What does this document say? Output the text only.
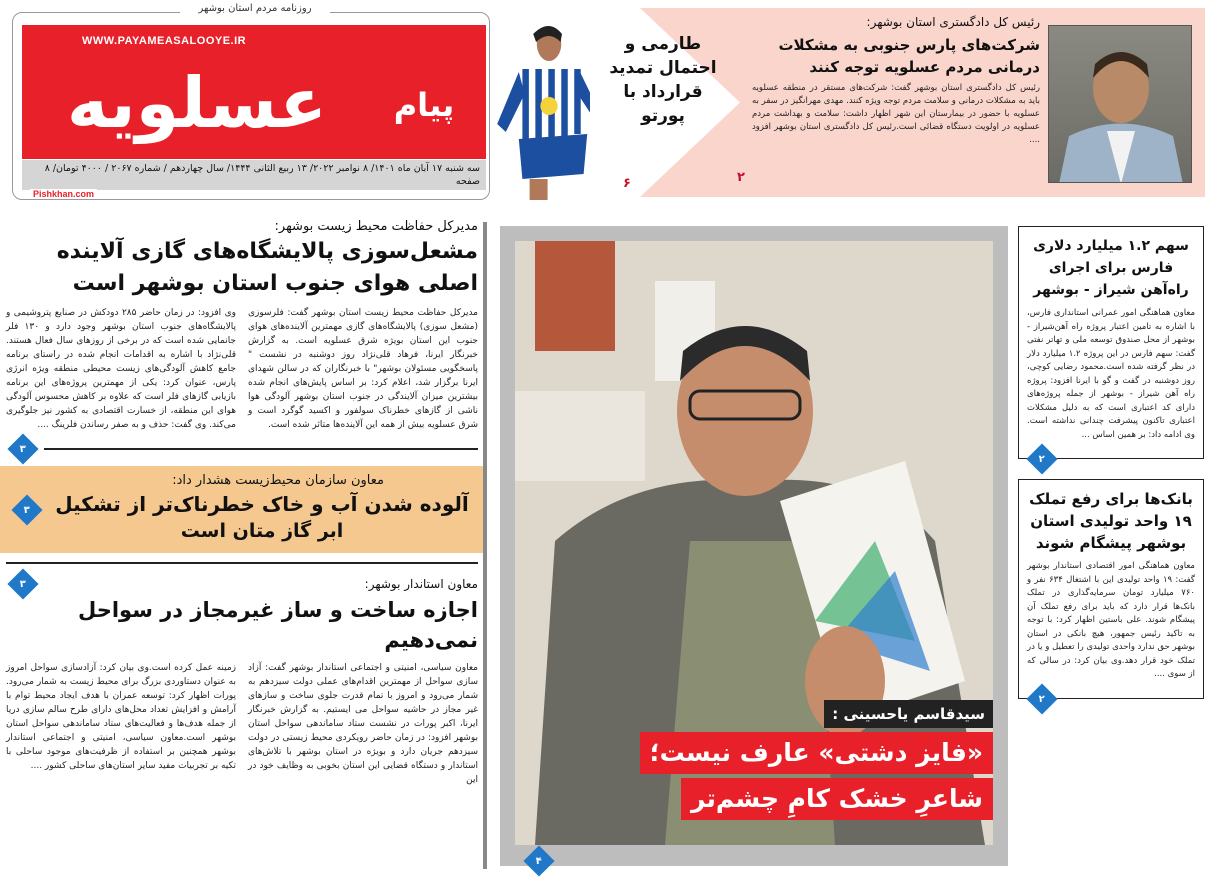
روزنامه مردم استان بوشهر
WWW.PAYAMEASALOOYE.IR
عسلویه	پیام
سه شنبه ۱۷ آبان ماه ۱۴۰۱/ ۸ نوامبر ۲۰۲۲/ ۱۳ ربیع الثانی ۱۴۴۴/ سال چهاردهم / شماره ۲۰۶۷ / ۴۰۰۰ تومان/ ۸ صفحه
Pishkhan.com
طارمی و احتمال تمدید قرارداد با پورتو
۶	۲
رئیس کل دادگستری استان بوشهر:
شرکت‌های پارس جنوبی به مشکلات درمانی مردم عسلویه توجه کنند
رئیس کل دادگستری استان بوشهر گفت: شرکت‌های مستقر در منطقه عسلویه باید به مشکلات درمانی و سلامت مردم توجه ویژه کنند. مهدی مهرانگیز در سفر به عسلویه با حضور در بیمارستان این شهر اظهار داشت: سلامت و بهداشت مردم عسلویه در اولویت دستگاه قضائی است.رئیس کل دادگستری استان بوشهر افزود ....
مدیرکل حفاظت محیط زیست بوشهر:
مشعل‌سوزی پالایشگاه‌های گازی آلاینده اصلی هوای جنوب استان بوشهر است
مدیرکل حفاظت محیط زیست استان بوشهر گفت: فلرسوزی (مشعل سوزی) پالایشگاه‌های گازی مهمترین آلاینده‌های هوای جنوب این استان بویژه شرق عسلویه است. به گزارش خبرنگار ایرنا، فرهاد قلی‌نژاد روز دوشنبه در نشست " پاسخگویی مسئولان بوشهر" با خبرنگاران که در سالن شهدای ایرنا برگزار شد، اعلام کرد: بر اساس پایش‌های انجام شده بیشترین میزان آلایندگی در جنوب استان بوشهر آلودگی هوا ناشی از گازهای خطرناک سولفور و اکسید گوگرد است و شرق عسلویه بیش از همه این آلاینده‌ها متاثر شده است.
وی افزود: در زمان حاضر ۲۸۵ دودکش در صنایع پتروشیمی و پالایشگاه‌های جنوب استان بوشهر وجود دارد و ۱۳۰ فلر جانمایی شده است که در برخی از روزهای سال فعال هستند. قلی‌نژاد با اشاره به اقدامات انجام شده در راستای برنامه جامع کاهش آلودگی‌های زیست محیطی منطقه ویژه انرژی پارس، عنوان کرد: یکی از مهمترین پروژه‌های این برنامه بازیابی گازهای فلر است که علاوه بر کاهش محسوس آلودگی هوای این منطقه، از خسارت اقتصادی به کشور نیز جلوگیری می‌کند. وی گفت: حذف و به صفر رساندن فلرینگ ....
۳
۳
معاون سازمان محیط‌زیست هشدار داد:
آلوده شدن آب و خاک خطرناک‌تر از تشکیل
ابر گاز متان است
۳	معاون استاندار بوشهر:
اجازه ساخت و ساز غیرمجاز در سواحل نمی‌دهیم
معاون سیاسی، امنیتی و اجتماعی استاندار بوشهر گفت: آزاد سازی سواحل از مهمترین اقدام‌های عملی دولت سیزدهم به شمار می‌رود و امروز با تمام قدرت جلوی ساخت و سازهای غیر مجاز در حاشیه سواحل می ایستیم. به گزارش خبرنگار ایرنا، اکبر پورات در نشست ستاد ساماندهی سواحل استان بوشهر افزود: در زمان حاضر رویکردی محیط زیستی در دولت سیزدهم جریان دارد و بویژه در استان بوشهر با تلاش‌های استاندار و دستگاه قضایی این استان بخوبی به وظایف خود در این
زمینه عمل کرده است.وی بیان کرد: آزادسازی سواحل امروز به عنوان دستاوردی بزرگ برای محیط زیست به شمار می‌رود. پورات اظهار کرد: توسعه عمران با هدف ایجاد محیط توام با آرامش و افزایش تعداد محل‌های دارای طرح سالم سازی دریا از جمله هدف‌ها و فعالیت‌های ستاد ساماندهی سواحل استان بوشهر است.معاون سیاسی، امنیتی و اجتماعی استاندار بوشهر همچنین بر استفاده از ظرفیت‌های موجود ساحلی با تکیه بر تجربیات مفید سایر استان‌های ساحلی کشور ....
سیدقاسم یاحسینی :
«فایز دشتی» عارف نیست؛
شاعرِ خشک کامِ چشم‌تر
۴
سهم ۱.۲ میلیارد دلاری فارس برای اجرای راه‌آهن شیراز - بوشهر
معاون هماهنگی امور عمرانی استانداری فارس، با اشاره به تامین اعتبار پروژه راه آهن‌شیراز - بوشهر از محل صندوق توسعه ملی و تهاتر نفتی گفت: سهم فارس در این پروژه ۱.۲ میلیارد دلار در نظر گرفته شده است.محمود رضایی کوچی، روز دوشنبه در گفت و گو با ایرنا افزود: پروژه راه آهن شیراز - بوشهر از جمله پروژه‌های دارای کد اعتباری است که به دلیل مشکلات اعتباری تاکنون پیشرفت چندانی نداشته است. وی ادامه داد: بر همین اساس ...
۲
بانک‌ها برای رفع تملک ۱۹ واحد تولیدی استان بوشهر پیشگام شوند
معاون هماهنگی امور اقتصادی استاندار بوشهر گفت: ۱۹ واحد تولیدی این با اشتغال ۶۳۴ نفر و ۷۶۰ میلیارد تومان سرمایه‌گذاری در تملک بانک‌ها قرار دارد که باید برای رفع تملک آن پیشگام شوند. علی باستین اظهار کرد: با توجه به تاکید رئیس جمهور، هیچ بانکی در استان بوشهر حق ندارد واحدی تولیدی را تعطیل و یا در تملک خود قرار دهد.وی بیان کرد: در سالی که از سوی ....
۲
